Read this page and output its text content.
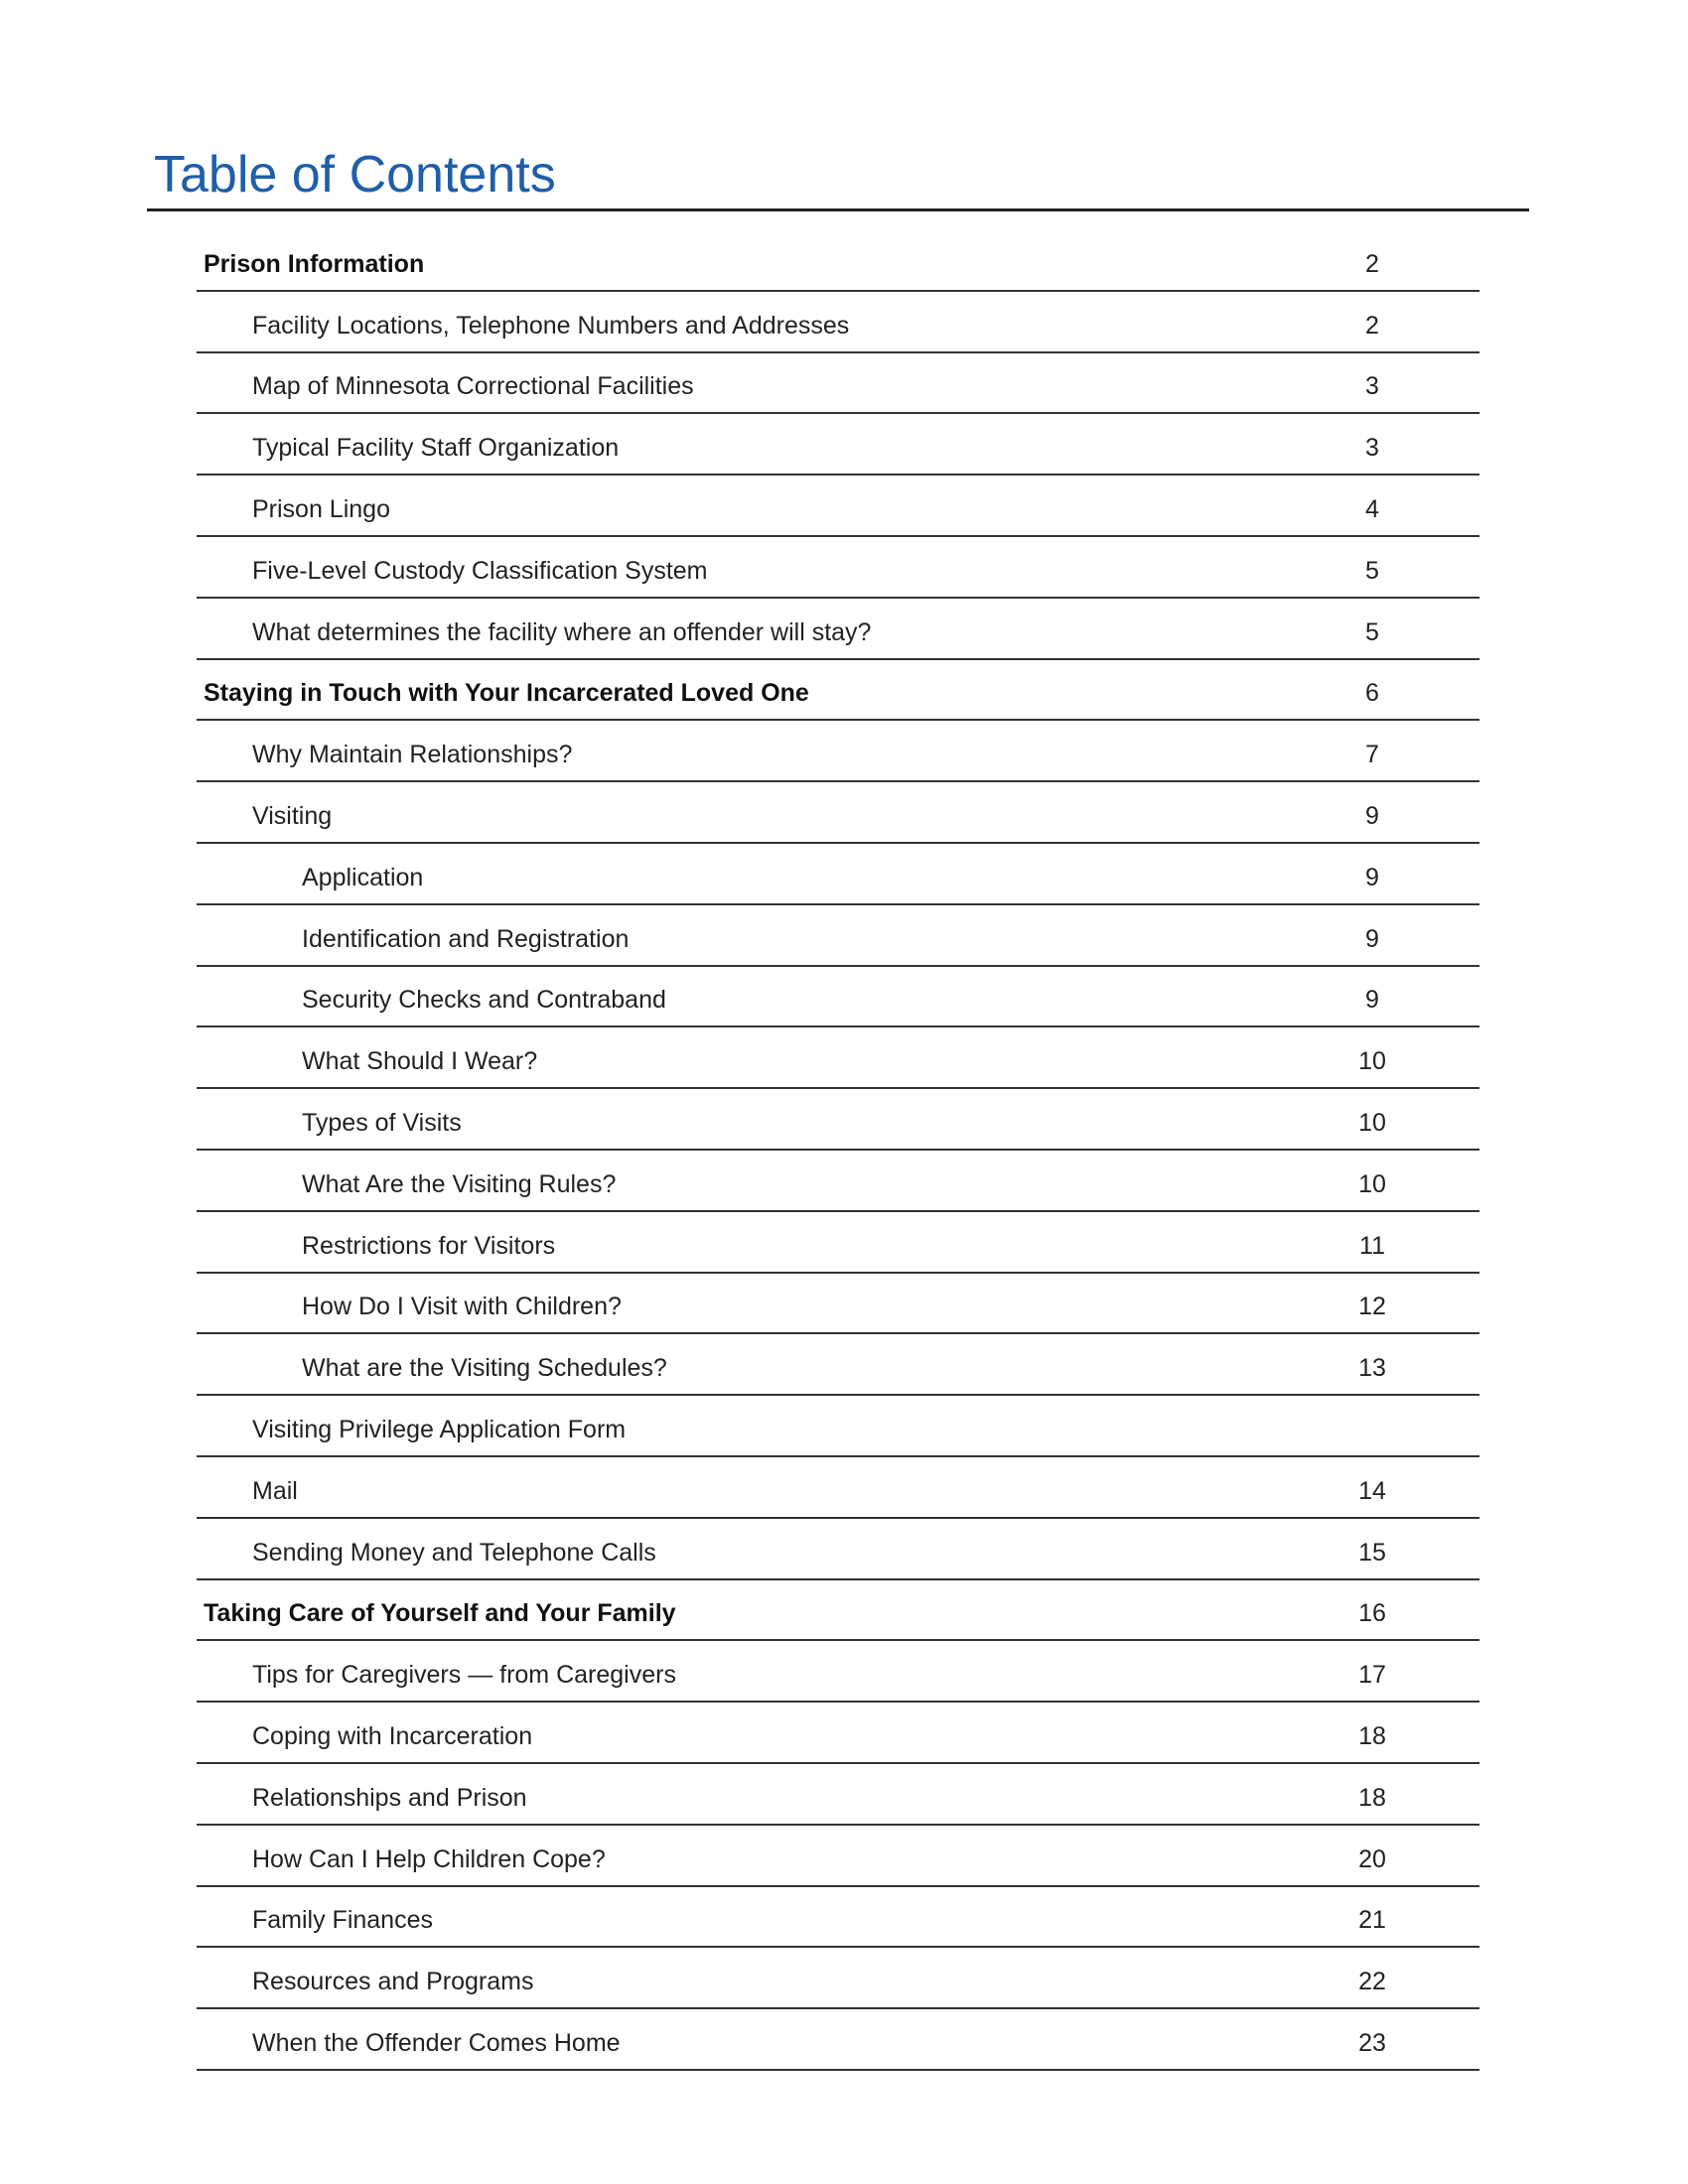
Table of Contents
Prison Information	2
Facility Locations, Telephone Numbers and Addresses	2
Map of Minnesota Correctional Facilities	3
Typical Facility Staff Organization	3
Prison Lingo	4
Five-Level Custody Classification System	5
What determines the facility where an offender will stay?	5
Staying in Touch with Your Incarcerated Loved One	6
Why Maintain Relationships?	7
Visiting	9
Application	9
Identification and Registration	9
Security Checks and Contraband	9
What Should I Wear?	10
Types of Visits	10
What Are the Visiting Rules?	10
Restrictions for Visitors	11
How Do I Visit with Children?	12
What are the Visiting Schedules?	13
Visiting Privilege Application Form
Mail	14
Sending Money and Telephone Calls	15
Taking Care of Yourself and Your Family	16
Tips for Caregivers — from Caregivers	17
Coping with Incarceration	18
Relationships and Prison	18
How Can I Help Children Cope?	20
Family Finances	21
Resources and Programs	22
When the Offender Comes Home	23
